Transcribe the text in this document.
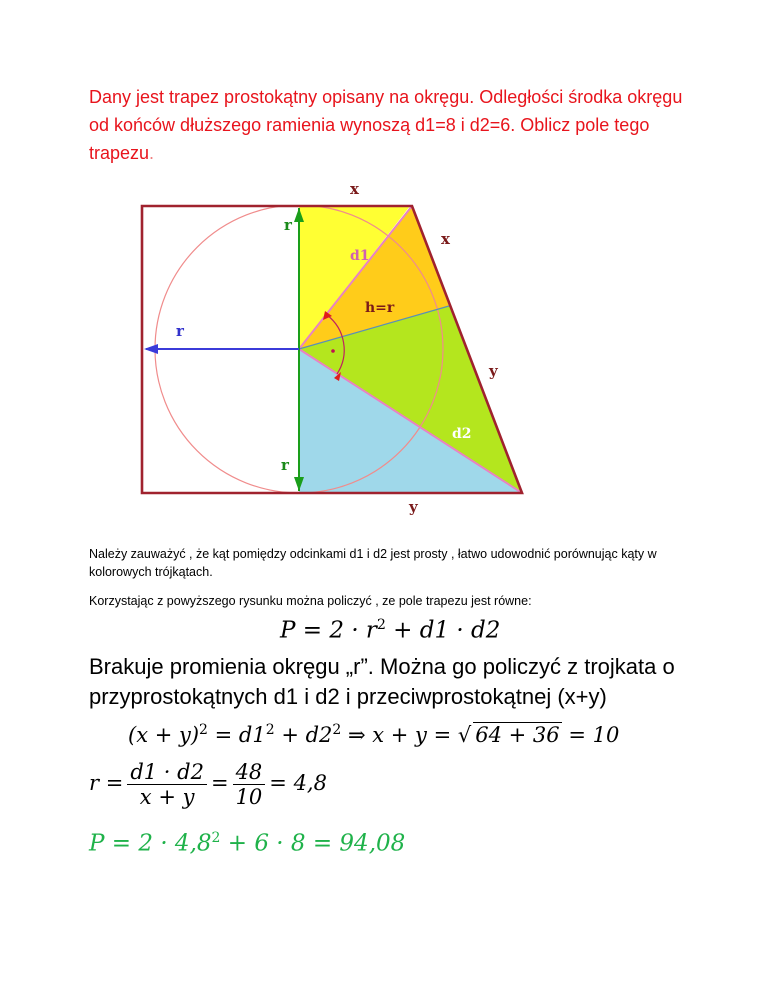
Dany jest trapez prostokątny opisany na okręgu. Odległości środka okręgu od końców dłuższego ramienia wynoszą d1=8 i d2=6. Oblicz pole tego trapezu.

x
x
y
y
r
r
r
d1
d2
h=r

Należy zauważyć , że kąt pomiędzy odcinkami d1 i d2 jest prosty , łatwo udowodnić porównując kąty w kolorowych trójkątach.

Korzystając z powyższego rysunku można policzyć , ze pole trapezu jest równe:

$P = 2 \cdot r^2 + d1 \cdot d2$

Brakuje promienia okręgu „r”. Można go policzyć z trojkata o przyprostokątnych d1 i d2 i przeciwprostokątnej (x+y)

$(x + y)^2 = d1^2 + d2^2$ ⇒ x + y = √ 64 + 36 = 10
$r = \frac{d1 \cdot d2}{x + y} = \frac{48}{10} = 4,8$
$P = 2 \cdot 4,8^2 + 6 \cdot 8 = 94,08$
